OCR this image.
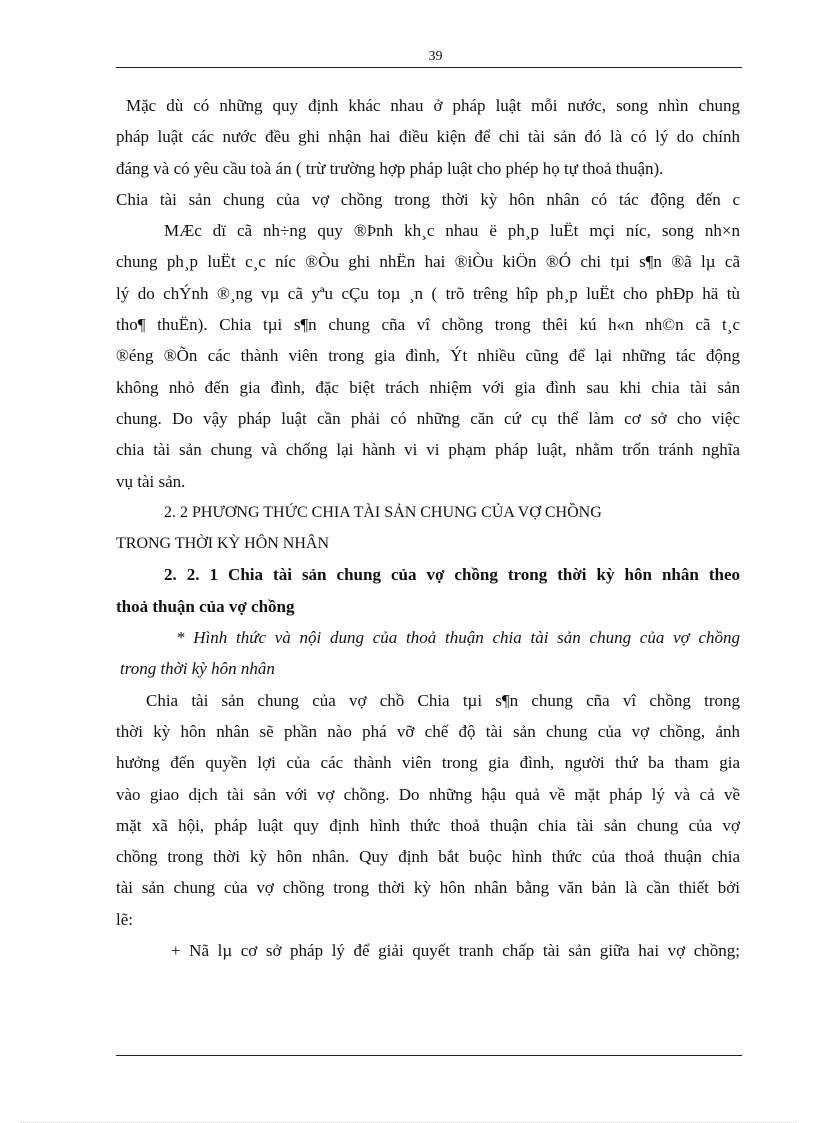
39
Mặc dù có những quy định khác nhau ở pháp luật mỗi nước, song nhìn chung
pháp luật các nước đều ghi nhận hai điều kiện để chi tài sản đó là có lý do chính
đáng và có yêu cầu toà án ( trừ trường hợp pháp luật cho phép họ tự thoả thuận).
Chia tài sản chung của vợ chồng trong thời kỳ hôn nhân có tác động đến c
MÆc dï cã nh÷ng quy ®Þnh kh¸c nhau ë ph¸p luËt mçi níc, song nh×n
chung ph¸p luËt c¸c níc ®Òu ghi nhËn hai ®iÒu kiÖn ®Ó chi tµi s¶n ®ã lµ cã
lý do chÝnh ®¸ng vµ cã yªu cÇu toµ ¸n ( trõ trêng hîp ph¸p luËt cho phÐp hä tù
tho¶ thuËn). Chia tµi s¶n chung cña vî chồng trong thêi kú h«n nh©n cã t¸c
®éng ®Õn các thành viên trong gia đình, Ýt nhiều cũng để lại những tác động
không nhỏ đến gia đình, đặc biệt trách nhiệm với gia đình sau khi chia tài sản
chung. Do vậy pháp luật cần phải có những căn cứ cụ thể làm cơ sở cho việc
chia tài sản chung và chống lại hành vi vi phạm pháp luật, nhằm trốn tránh nghĩa
vụ tài sản.
2. 2 PHƯƠNG THỨC CHIA TÀI SẢN CHUNG CỦA VỢ CHỒNG
TRONG THỜI KỲ HÔN NHÂN
2. 2. 1 Chia tài sản chung của vợ chồng trong thời kỳ hôn nhân theo
thoả thuận của vợ chồng
* Hình thức và nội dung của thoả thuận chia tài sản chung của vợ chồng
trong thời kỳ hôn nhân
Chia tài sản chung của vợ chồ Chia tµi s¶n chung cña vî chồng trong
thời kỳ hôn nhân sẽ phần nào phá vỡ chế độ tài sản chung của vợ chồng, ảnh
hưởng đến quyền lợi của các thành viên trong gia đình, người thứ ba tham gia
vào giao dịch tài sản với vợ chồng. Do những hậu quả về mặt pháp lý và cả về
mặt xã hội, pháp luật quy định hình thức thoả thuận chia tài sản chung của vợ
chồng trong thời kỳ hôn nhân. Quy định bắt buộc hình thức của thoả thuận chia
tài sản chung của vợ chồng trong thời kỳ hôn nhân bằng văn bản là cần thiết bởi
lẽ:
+ Nã lµ cơ sở pháp lý để giải quyết tranh chấp tài sản giữa hai vợ chồng;
